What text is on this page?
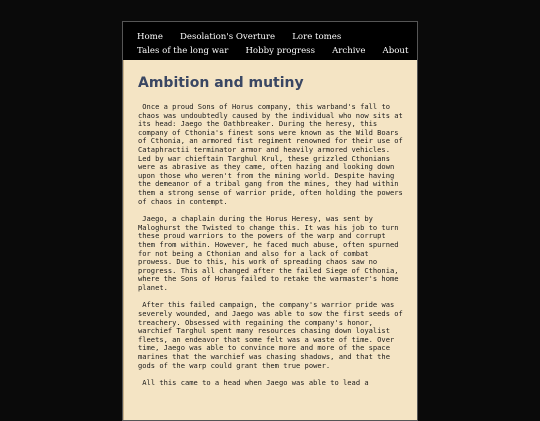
Home Desolation's Overture Lore tomes
Tales of the long war Hobby progress Archive About
Ambition and mutiny

Once a proud Sons of Horus company, this warband's fall to chaos was undoubtedly caused by the individual who now sits at its head: Jaego the Oathbreaker. During the heresy, this company of Cthonia's finest sons were known as the Wild Boars of Cthonia, an armored fist regiment renowned for their use of Cataphractii terminator armor and heavily armored vehicles. Led by war chieftain Targhul Krul, these grizzled Cthonians were as abrasive as they came, often hazing and looking down upon those who weren't from the mining world. Despite having the demeanor of a tribal gang from the mines, they had within them a strong sense of warrior pride, often holding the powers of chaos in contempt.

Jaego, a chaplain during the Horus Heresy, was sent by Maloghurst the Twisted to change this. It was his job to turn these proud warriors to the powers of the warp and corrupt them from within. However, he faced much abuse, often spurned for not being a Cthonian and also for a lack of combat prowess. Due to this, his work of spreading chaos saw no progress. This all changed after the failed Siege of Cthonia, where the Sons of Horus failed to retake the warmaster's home planet.

After this failed campaign, the company's warrior pride was severely wounded, and Jaego was able to sow the first seeds of treachery. Obsessed with regaining the company's honor, warchief Targhul spent many resources chasing down loyalist fleets, an endeavor that some felt was a waste of time. Over time, Jaego was able to convince more and more of the space marines that the warchief was chasing shadows, and that the gods of the warp could grant them true power.

All this came to a head when Jaego was able to lead a
